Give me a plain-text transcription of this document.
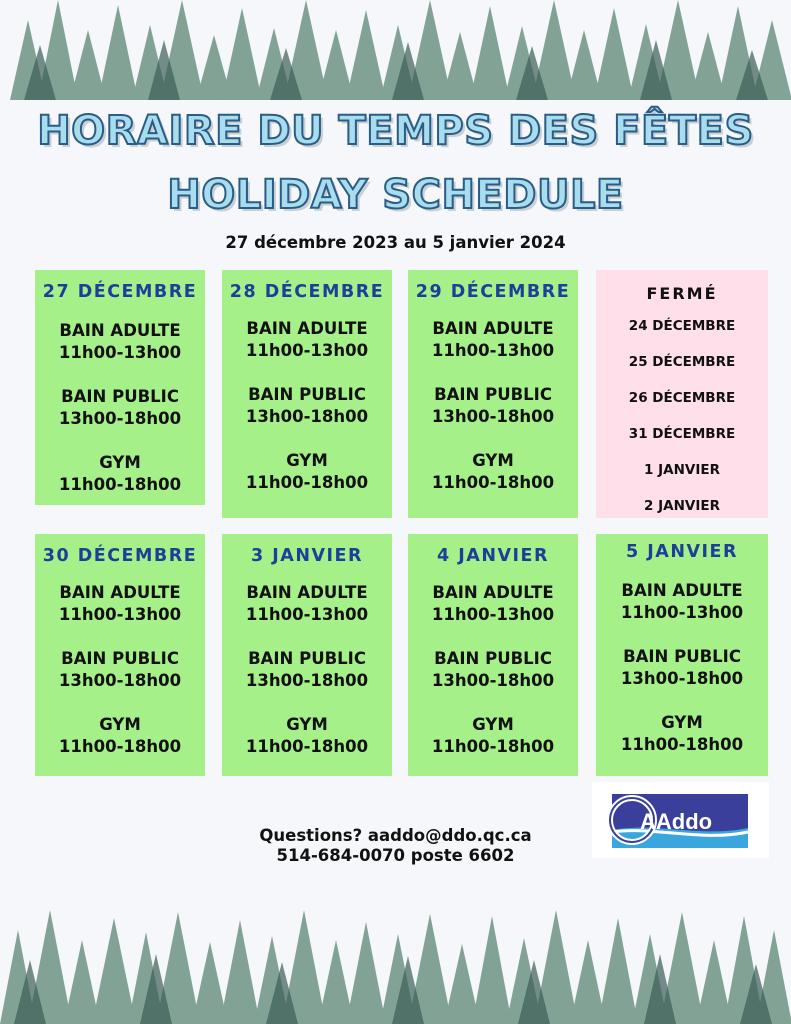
HORAIRE DU TEMPS DES FÊTES
HOLIDAY SCHEDULE
27 décembre 2023 au 5 janvier 2024
27 DÉCEMBRE
BAIN ADULTE
11h00-13h00
BAIN PUBLIC
13h00-18h00
GYM
11h00-18h00
28 DÉCEMBRE
BAIN ADULTE
11h00-13h00
BAIN PUBLIC
13h00-18h00
GYM
11h00-18h00
29 DÉCEMBRE
BAIN ADULTE
11h00-13h00
BAIN PUBLIC
13h00-18h00
GYM
11h00-18h00
FERMÉ
24 DÉCEMBRE
25 DÉCEMBRE
26 DÉCEMBRE
31 DÉCEMBRE
1 JANVIER
2 JANVIER
30 DÉCEMBRE
BAIN ADULTE
11h00-13h00
BAIN PUBLIC
13h00-18h00
GYM
11h00-18h00
3 JANVIER
BAIN ADULTE
11h00-13h00
BAIN PUBLIC
13h00-18h00
GYM
11h00-18h00
4 JANVIER
BAIN ADULTE
11h00-13h00
BAIN PUBLIC
13h00-18h00
GYM
11h00-18h00
5 JANVIER
BAIN ADULTE
11h00-13h00
BAIN PUBLIC
13h00-18h00
GYM
11h00-18h00
AAddo
Questions? aaddo@ddo.qc.ca
514-684-0070 poste 6602
